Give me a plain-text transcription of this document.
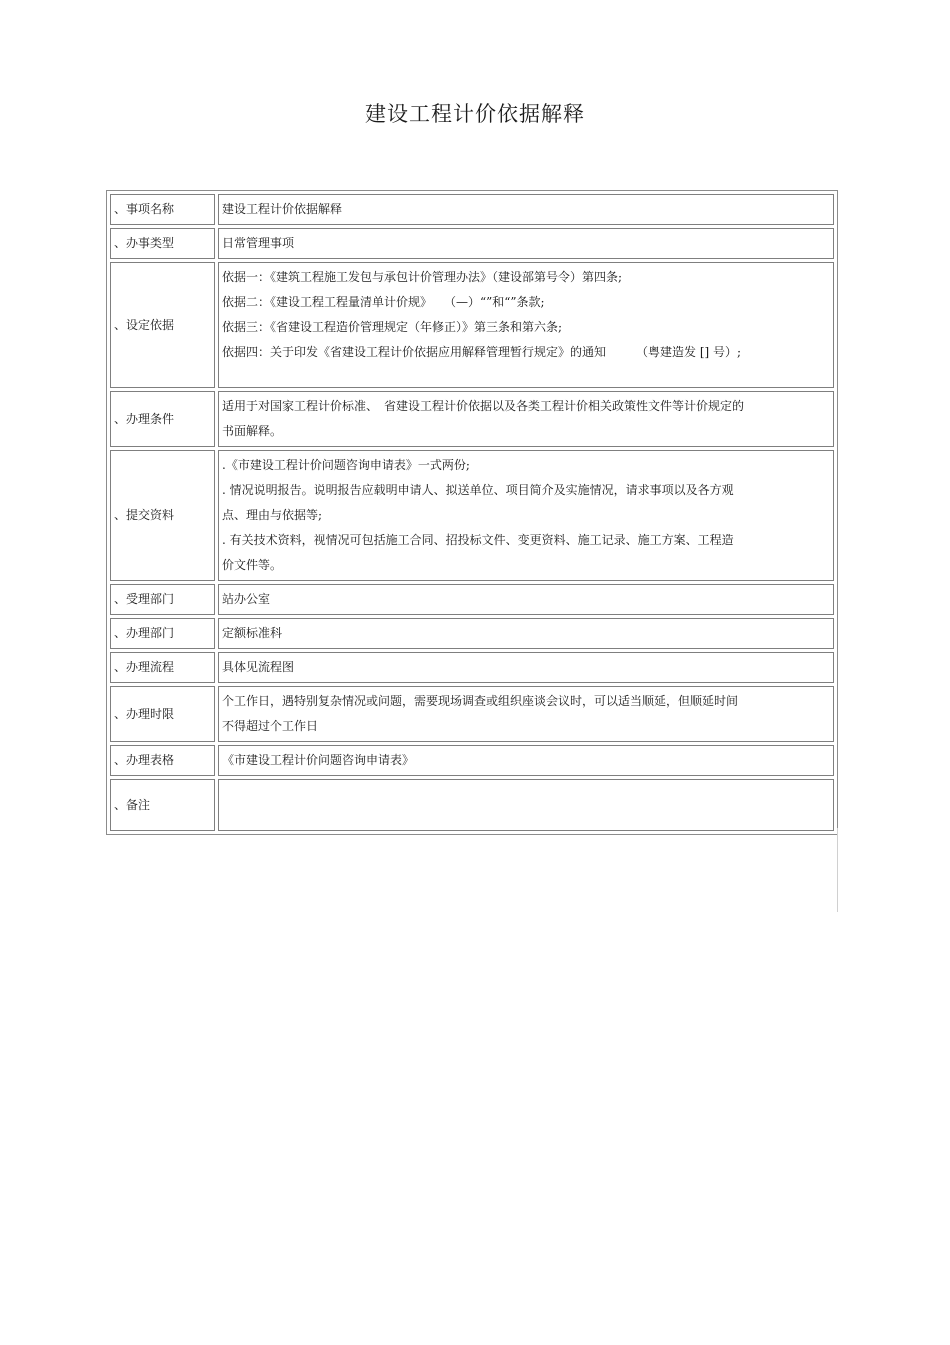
建设工程计价依据解释
、事项名称	建设工程计价依据解释

、办事类型	日常管理事项

、设定依据	依据一：《建筑工程施工发包与承包计价管理办法》（建设部第号令）第四条;
依据二：《建设工程工程量清单计价规》　　（—）“”和“”条款;
依据三：《省建设工程造价管理规定（年修正）》第三条和第六条;
依据四：关于印发《省建设工程计价依据应用解释管理暂行规定》的通知　　　（粤建造发 [] 号）;

、办理条件	适用于对国家工程计价标准、　省建设工程计价依据以及各类工程计价相关政策性文件等计价规定的
书面解释。

、提交资料	.《市建设工程计价问题咨询申请表》一式两份;
. 情况说明报告。说明报告应载明申请人、拟送单位、项目简介及实施情况，请求事项以及各方观
点、理由与依据等;
. 有关技术资料，视情况可包括施工合同、招投标文件、变更资料、施工记录、施工方案、工程造
价文件等。

、受理部门	站办公室

、办理部门	定额标准科

、办理流程	具体见流程图

、办理时限	个工作日，遇特别复杂情况或问题，需要现场调查或组织座谈会议时，可以适当顺延，但顺延时间
不得超过个工作日

、办理表格	《市建设工程计价问题咨询申请表》

、备注	
